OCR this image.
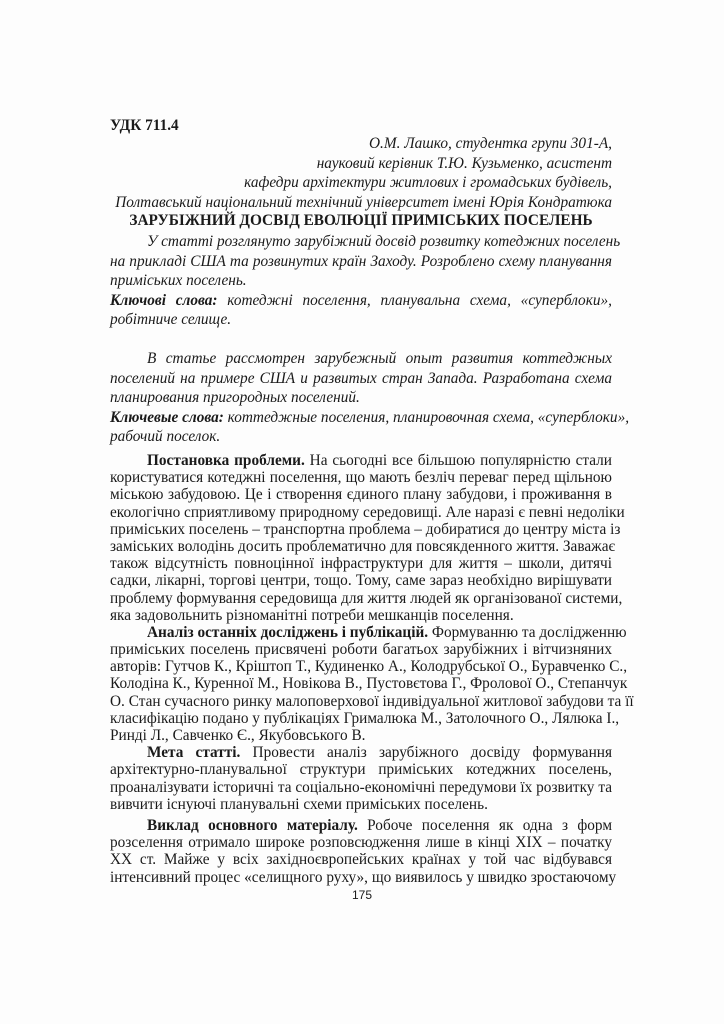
УДК 711.4
О.М. Лашко, студентка групи 301-А,
науковий керівник Т.Ю. Кузьменко, асистент
кафедри архітектури житлових і громадських будівель,
Полтавський національний технічний університет імені Юрія Кондратюка
ЗАРУБІЖНИЙ ДОСВІД ЕВОЛЮЦІЇ ПРИМІСЬКИХ ПОСЕЛЕНЬ
У статті розглянуто зарубіжний досвід розвитку котеджних поселень
на прикладі США та розвинутих країн Заходу. Розроблено схему планування
приміських поселень.
Ключові слова: котеджні поселення, планувальна схема, «суперблоки»,
робітниче селище.
В статье рассмотрен зарубежный опыт развития коттеджных
поселений на примере США и развитых стран Запада. Разработана схема
планирования пригородных поселений.
Ключевые слова: коттеджные поселения, планировочная схема, «суперблоки»,
рабочий поселок.
Постановка проблеми. На сьогодні все більшою популярністю стали
користуватися котеджні поселення, що мають безліч переваг перед щільною
міською забудовою. Це і створення єдиного плану забудови, і проживання в
екологічно сприятливому природному середовищі. Але наразі є певні недоліки
приміських поселень – транспортна проблема – добиратися до центру міста із
заміських володінь досить проблематично для повсякденного життя. Заважає
також відсутність повноцінної інфраструктури для життя – школи, дитячі
садки, лікарні, торгові центри, тощо. Тому, саме зараз необхідно вирішувати
проблему формування середовища для життя людей як організованої системи,
яка задовольнить різноманітні потреби мешканців поселення.
Аналіз останніх досліджень і публікацій. Формуванню та дослідженню
приміських поселень присвячені роботи багатьох зарубіжних і вітчизняних
авторів: Гутчов К., Кріштоп Т., Кудиненко А., Колодрубської О., Буравченко С.,
Колодіна К., Куренної М., Новікова В., Пустовєтова Г., Фролової О., Степанчук
О. Стан сучасного ринку малоповерхової індивідуальної житлової забудови та її
класифікацію подано у публікаціях Грималюка М., Затолочного О., Лялюка І.,
Ринді Л., Савченко Є., Якубовського В.
Мета статті. Провести аналіз зарубіжного досвіду формування
архітектурно-планувальної структури приміських котеджних поселень,
проаналізувати історичні та соціально-економічні передумови їх розвитку та
вивчити існуючі планувальні схеми приміських поселень.
Виклад основного матеріалу. Робоче поселення як одна з форм
розселення отримало широке розповсюдження лише в кінці XIX – початку
XX ст. Майже у всіх західноєвропейських країнах у той час відбувався
інтенсивний процес «селищного руху», що виявилось у швидко зростаючому
175
